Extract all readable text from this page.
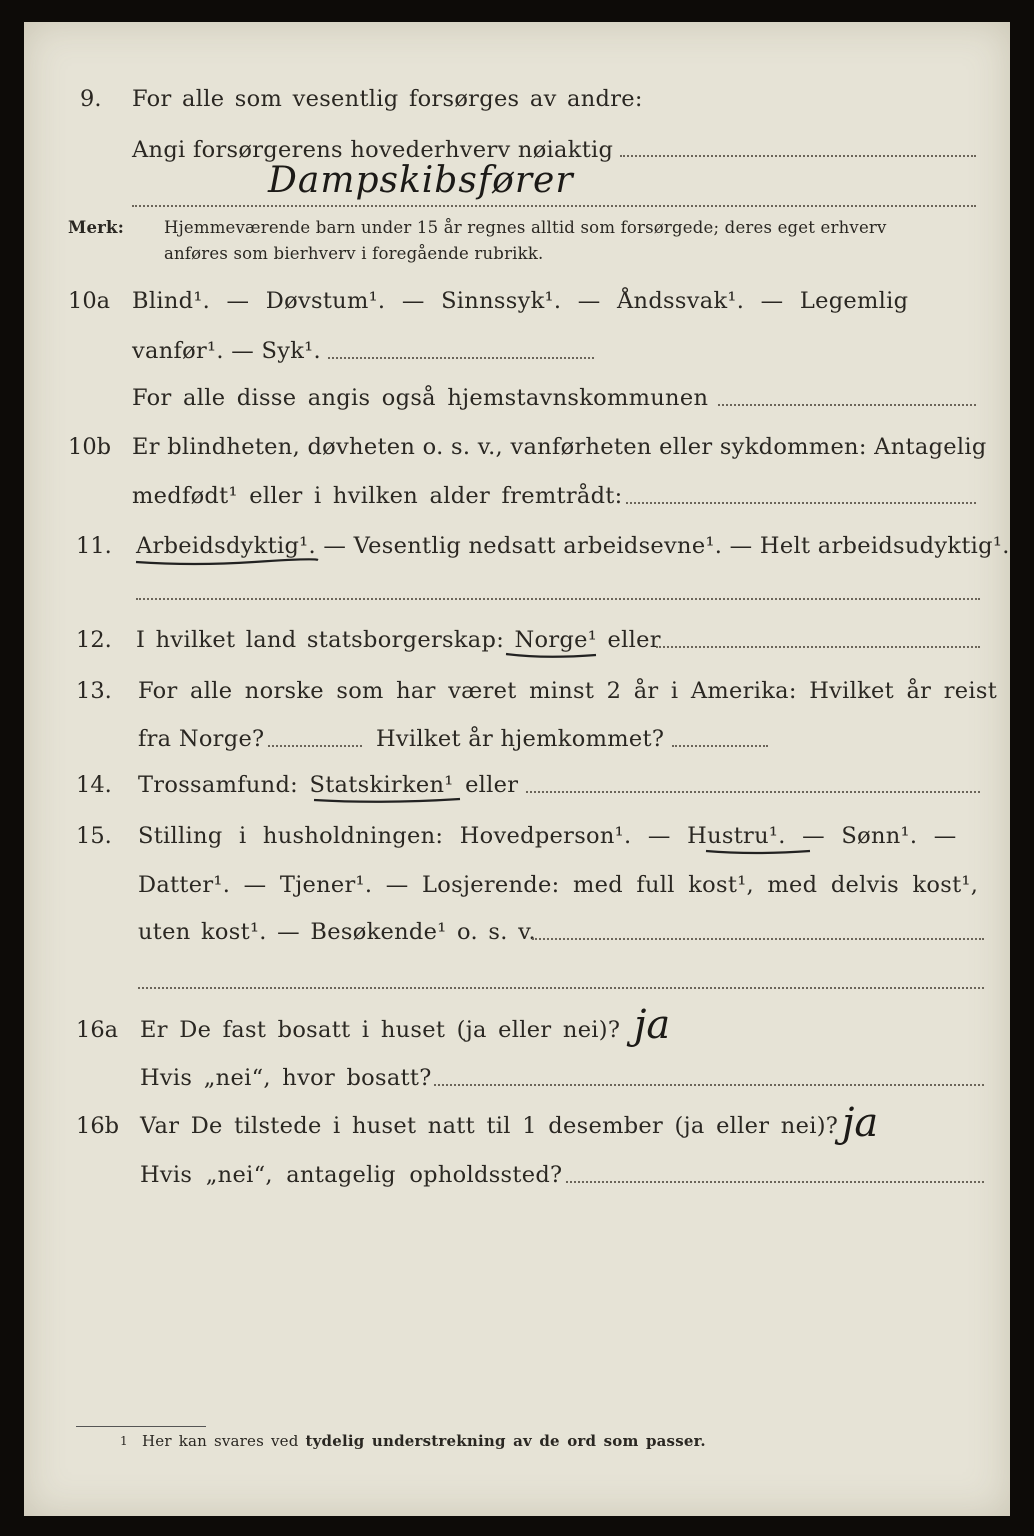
9. For alle som vesentlig forsørges av andre:
Angi forsørgerens hovederhverv nøiaktig
Dampskibsfører
Merk: Hjemmeværende barn under 15 år regnes alltid som forsørgede; deres eget erhverv
anføres som bierhverv i foregående rubrikk.
10a Blind¹. — Døvstum¹. — Sinnssyk¹. — Åndssvak¹. — Legemlig
vanfør¹. — Syk¹.
For alle disse angis også hjemstavnskommunen
10b Er blindheten, døvheten o. s. v., vanførheten eller sykdommen: Antagelig
medfødt¹ eller i hvilken alder fremtrådt:
11. Arbeidsdyktig¹. — Vesentlig nedsatt arbeidsevne¹. — Helt arbeidsudyktig¹.
12. I hvilket land statsborgerskap: Norge¹ eller
13. For alle norske som har været minst 2 år i Amerika: Hvilket år reist
fra Norge?	Hvilket år hjemkommet?
14. Trossamfund: Statskirken¹ eller
15. Stilling i husholdningen: Hovedperson¹. — Hustru¹. — Sønn¹. —
Datter¹. — Tjener¹. — Losjerende: med full kost¹, med delvis kost¹,
uten kost¹. — Besøkende¹ o. s. v.
16a Er De fast bosatt i huset (ja eller nei)? ja
Hvis „nei“, hvor bosatt?
16b Var De tilstede i huset natt til 1 desember (ja eller nei)? ja
Hvis „nei“, antagelig opholdssted?
1 Her kan svares ved tydelig understrekning av de ord som passer.
